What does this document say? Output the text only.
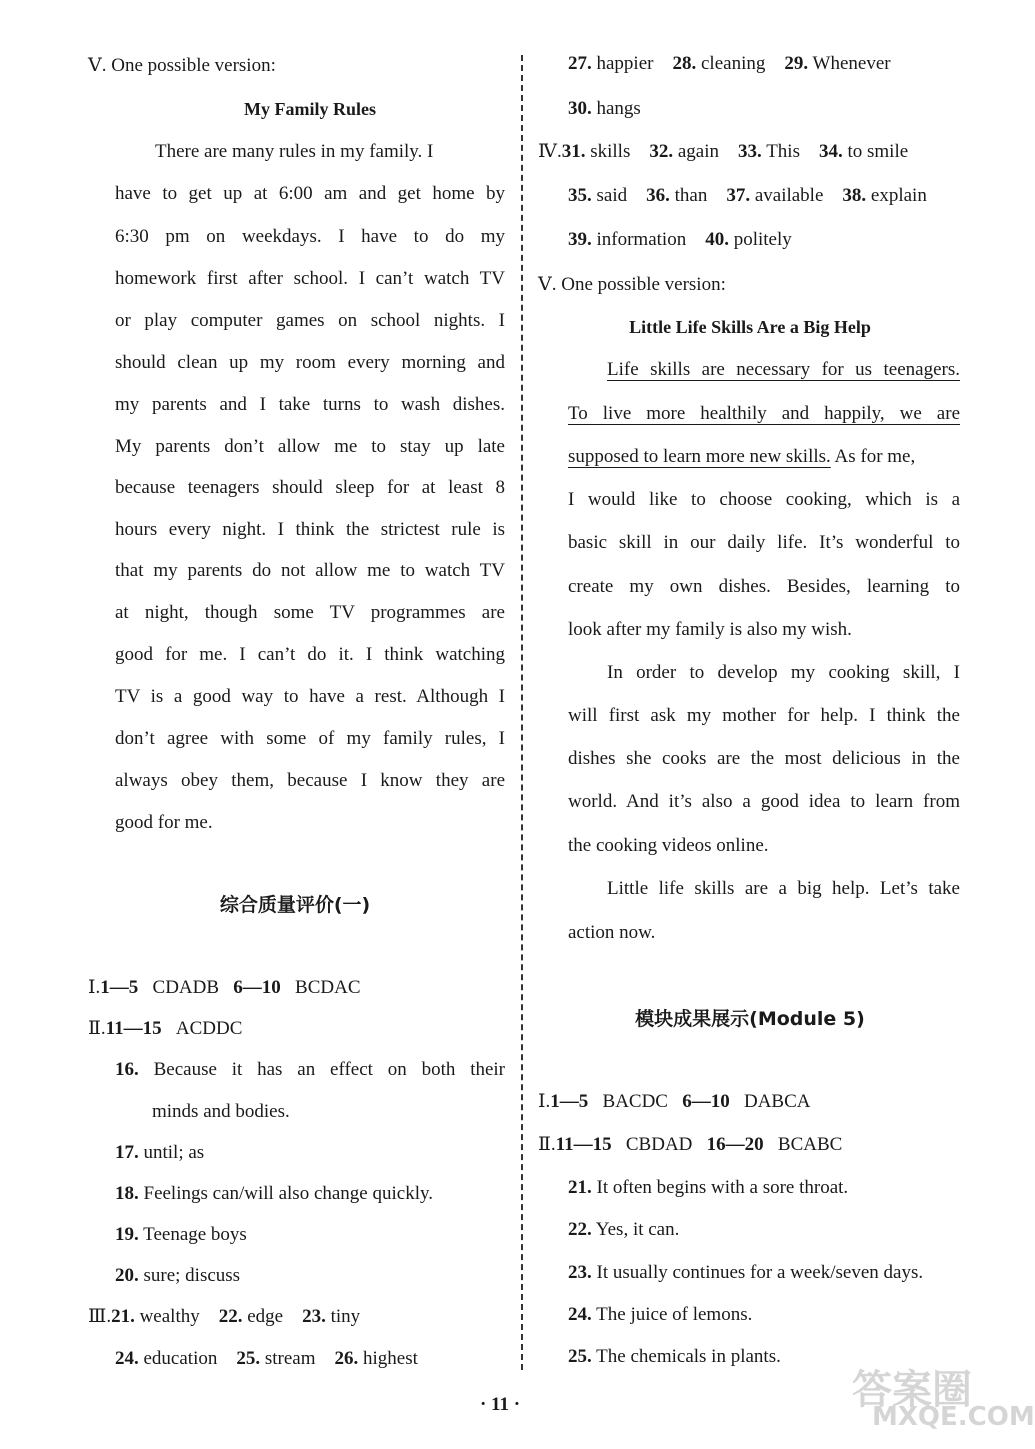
Ⅴ. One possible version:
My Family Rules
There are many rules in my family. I
have to get up at 6:00 am and get home by
6:30 pm on weekdays. I have to do my
homework first after school. I can’t watch TV
or play computer games on school nights. I
should clean up my room every morning and
my parents and I take turns to wash dishes.
My parents don’t allow me to stay up late
because teenagers should sleep for at least 8
hours every night. I think the strictest rule is
that my parents do not allow me to watch TV
at night, though some TV programmes are
good for me. I can’t do it. I think watching
TV is a good way to have a rest. Although I
don’t agree with some of my family rules, I
always obey them, because I know they are
good for me.
综合质量评价(一)
Ⅰ.1—5 CDADB 6—10 BCDAC
Ⅱ.11—15 ACDDC
16. Because it has an effect on both their
minds and bodies.
17. until; as
18. Feelings can/will also change quickly.
19. Teenage boys
20. sure; discuss
Ⅲ.21. wealthy 22. edge 23. tiny
24. education 25. stream 26. highest
27. happier 28. cleaning 29. Whenever
30. hangs
Ⅳ.31. skills 32. again 33. This 34. to smile
35. said 36. than 37. available 38. explain
39. information 40. politely
Ⅴ. One possible version:
Little Life Skills Are a Big Help
Life skills are necessary for us teenagers.
To live more healthily and happily, we are
supposed to learn more new skills. As for me,
I would like to choose cooking, which is a
basic skill in our daily life. It’s wonderful to
create my own dishes. Besides, learning to
look after my family is also my wish.
In order to develop my cooking skill, I
will first ask my mother for help. I think the
dishes she cooks are the most delicious in the
world. And it’s also a good idea to learn from
the cooking videos online.
Little life skills are a big help. Let’s take
action now.
模块成果展示(Module 5)
Ⅰ.1—5 BACDC 6—10 DABCA
Ⅱ.11—15 CBDAD 16—20 BCABC
21. It often begins with a sore throat.
22. Yes, it can.
23. It usually continues for a week/seven days.
24. The juice of lemons.
25. The chemicals in plants.
· 11 ·	答案圈
MXQE.COM
